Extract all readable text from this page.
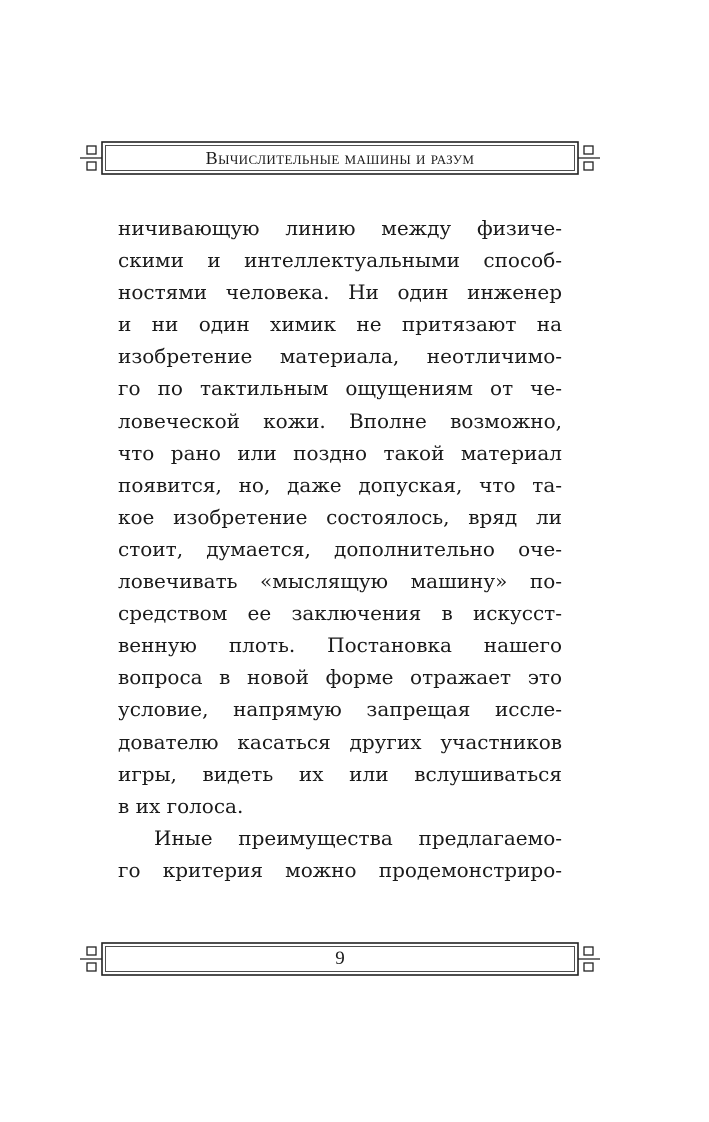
Вычислительные машины и разум
ничивающую линию между физиче-
скими и интеллектуальными способ-
ностями человека. Ни один инженер
и ни один химик не притязают на
изобретение материала, неотличимо-
го по тактильным ощущениям от че-
ловеческой кожи. Вполне возможно,
что рано или поздно такой материал
появится, но, даже допуская, что та-
кое изобретение состоялось, вряд ли
стоит, думается, дополнительно оче-
ловечивать «мыслящую машину» по-
средством ее заключения в искусст-
венную плоть. Постановка нашего
вопроса в новой форме отражает это
условие, напрямую запрещая иссле-
дователю касаться других участников
игры, видеть их или вслушиваться
в их голоса.
Иные преимущества предлагаемо-
го критерия можно продемонстриро-
9
